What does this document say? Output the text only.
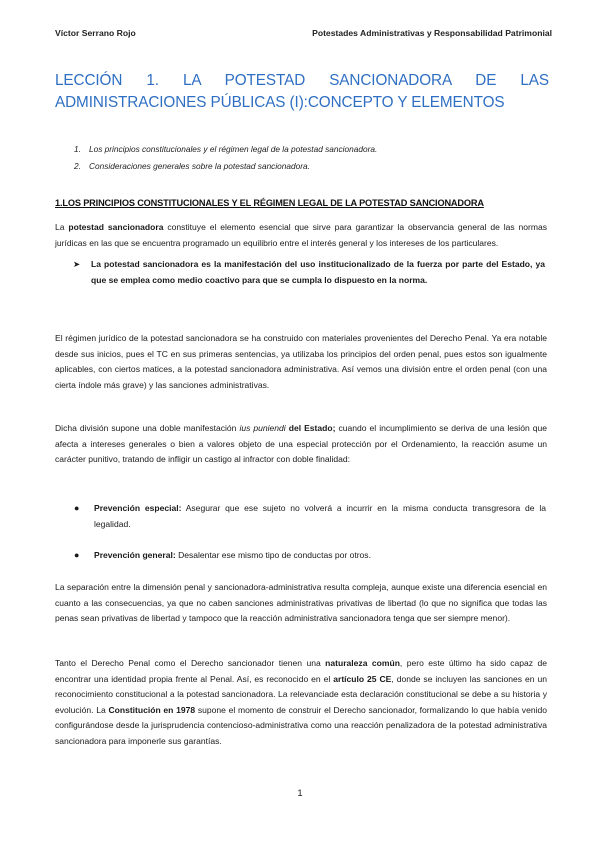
Víctor Serrano Rojo	Potestades Administrativas y Responsabilidad Patrimonial
LECCIÓN 1. LA POTESTAD SANCIONADORA DE LAS ADMINISTRACIONES PÚBLICAS (I):CONCEPTO Y ELEMENTOS
1. Los principios constitucionales y el régimen legal de la potestad sancionadora.
2. Consideraciones generales sobre la potestad sancionadora.
1.LOS PRINCIPIOS CONSTITUCIONALES Y EL RÉGIMEN LEGAL DE LA POTESTAD SANCIONADORA

La potestad sancionadora constituye el elemento esencial que sirve para garantizar la observancia general de las normas jurídicas en las que se encuentra programado un equilibrio entre el interés general y los intereses de los particulares.

➤	La potestad sancionadora es la manifestación del uso institucionalizado de la fuerza por parte del Estado, ya que se emplea como medio coactivo para que se cumpla lo dispuesto en la norma.

El régimen jurídico de la potestad sancionadora se ha construido con materiales provenientes del Derecho Penal. Ya era notable desde sus inicios, pues el TC en sus primeras sentencias, ya utilizaba los principios del orden penal, pues estos son igualmente aplicables, con ciertos matices, a la potestad sancionadora administrativa. Así vemos una división entre el orden penal (con una cierta índole más grave) y las sanciones administrativas.

Dicha división supone una doble manifestación ius puniendi del Estado; cuando el incumplimiento se deriva de una lesión que afecta a intereses generales o bien a valores objeto de una especial protección por el Ordenamiento, la reacción asume un carácter punitivo, tratando de infligir un castigo al infractor con doble finalidad:

●	Prevención especial: Asegurar que ese sujeto no volverá a incurrir en la misma conducta transgresora de la legalidad.
●	Prevención general: Desalentar ese mismo tipo de conductas por otros.

La separación entre la dimensión penal y sancionadora-administrativa resulta compleja, aunque existe una diferencia esencial en cuanto a las consecuencias, ya que no caben sanciones administrativas privativas de libertad (lo que no significa que todas las penas sean privativas de libertad y tampoco que la reacción administrativa sancionadora tenga que ser siempre menor).

Tanto el Derecho Penal como el Derecho sancionador tienen una naturaleza común, pero este último ha sido capaz de encontrar una identidad propia frente al Penal. Así, es reconocido en el artículo 25 CE, donde se incluyen las sanciones en un reconocimiento constitucional a la potestad sancionadora. La relevanciade esta declaración constitucional se debe a su historia y evolución. La Constitución en 1978 supone el momento de construir el Derecho sancionador, formalizando lo que había venido configurándose desde la jurisprudencia contencioso-administrativa como una reacción penalizadora de la potestad administrativa sancionadora para imponerle sus garantías.

1
